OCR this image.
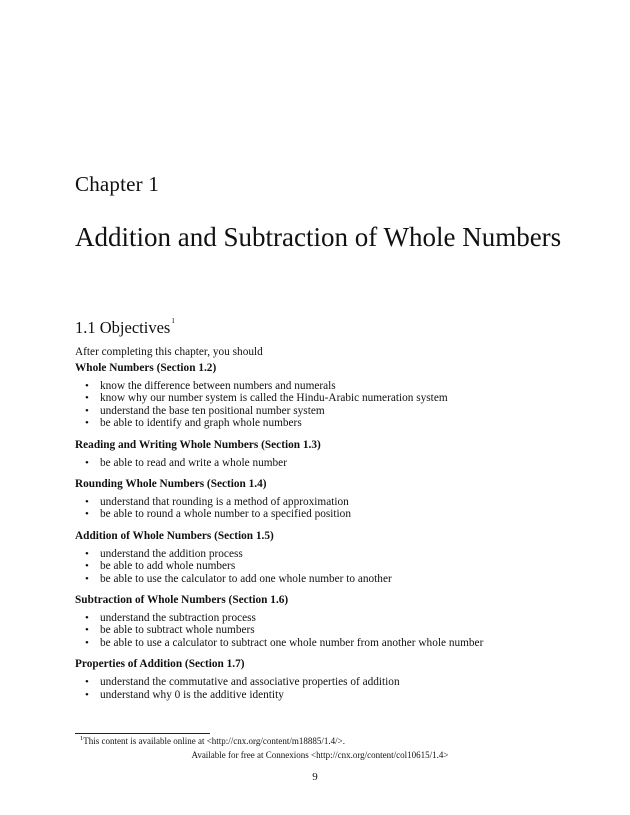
Chapter 1
Addition and Subtraction of Whole Numbers
1.1 Objectives$^1$
After completing this chapter, you should
Whole Numbers (Section 1.2)
• know the difference between numbers and numerals
• know why our number system is called the Hindu-Arabic numeration system
• understand the base ten positional number system
• be able to identify and graph whole numbers
Reading and Writing Whole Numbers (Section 1.3)
• be able to read and write a whole number
Rounding Whole Numbers (Section 1.4)
• understand that rounding is a method of approximation
• be able to round a whole number to a specified position
Addition of Whole Numbers (Section 1.5)
• understand the addition process
• be able to add whole numbers
• be able to use the calculator to add one whole number to another
Subtraction of Whole Numbers (Section 1.6)
• understand the subtraction process
• be able to subtract whole numbers
• be able to use a calculator to subtract one whole number from another whole number
Properties of Addition (Section 1.7)
• understand the commutative and associative properties of addition
• understand why 0 is the additive identity
$^1$This content is available online at <http://cnx.org/content/m18885/1.4/>.
Available for free at Connexions <http://cnx.org/content/col10615/1.4>
9
